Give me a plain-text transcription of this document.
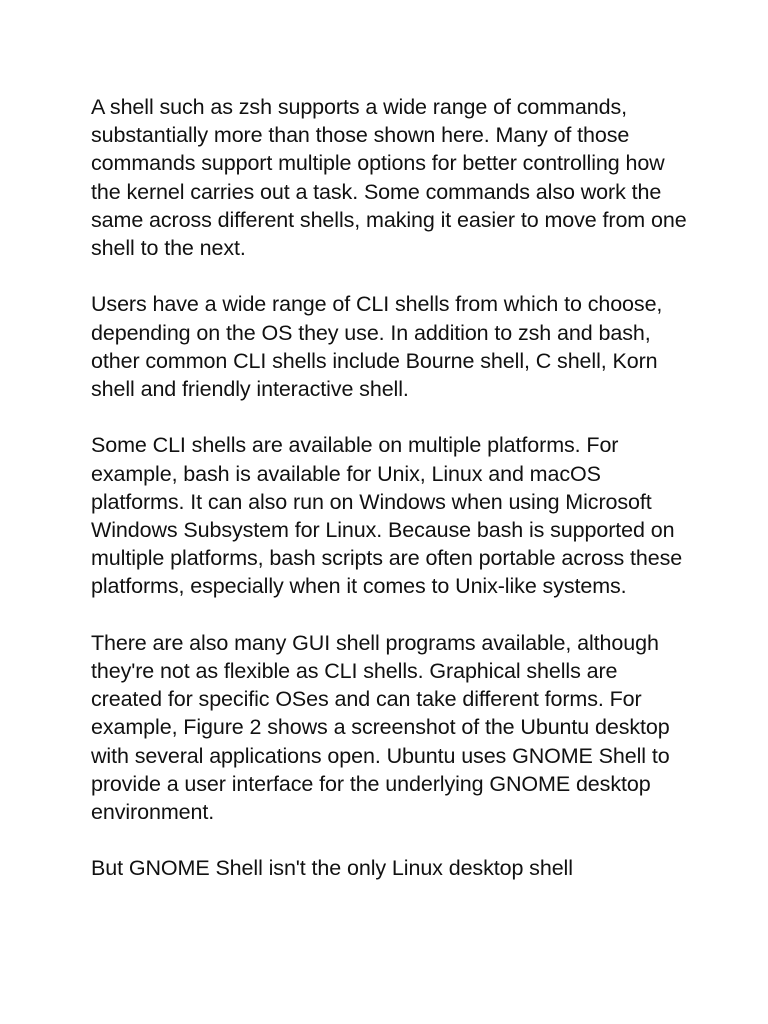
A shell such as zsh supports a wide range of commands, substantially more than those shown here. Many of those commands support multiple options for better controlling how the kernel carries out a task. Some commands also work the same across different shells, making it easier to move from one shell to the next.

Users have a wide range of CLI shells from which to choose, depending on the OS they use. In addition to zsh and bash, other common CLI shells include Bourne shell, C shell, Korn shell and friendly interactive shell.

Some CLI shells are available on multiple platforms. For example, bash is available for Unix, Linux and macOS platforms. It can also run on Windows when using Microsoft Windows Subsystem for Linux. Because bash is supported on multiple platforms, bash scripts are often portable across these platforms, especially when it comes to Unix-like systems.

There are also many GUI shell programs available, although they're not as flexible as CLI shells. Graphical shells are created for specific OSes and can take different forms. For example, Figure 2 shows a screenshot of the Ubuntu desktop with several applications open. Ubuntu uses GNOME Shell to provide a user interface for the underlying GNOME desktop environment.

But GNOME Shell isn't the only Linux desktop shell
